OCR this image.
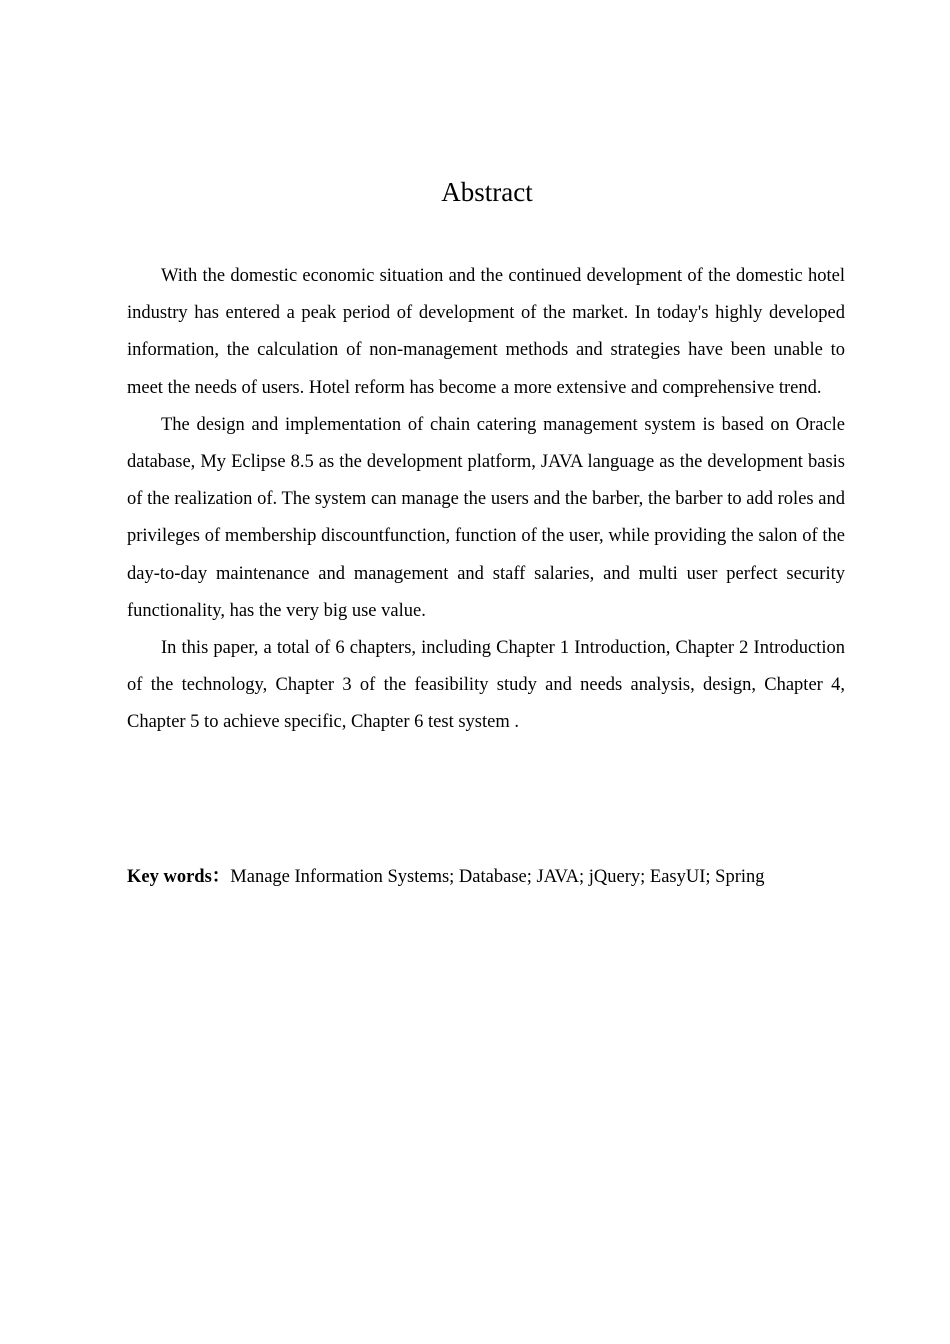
Abstract

With the domestic economic situation and the continued development of the domestic hotel industry has entered a peak period of development of the market. In today's highly developed information, the calculation of non-management methods and strategies have been unable to meet the needs of users. Hotel reform has become a more extensive and comprehensive trend.

The design and implementation of chain catering management system is based on Oracle database, My Eclipse 8.5 as the development platform, JAVA language as the development basis of the realization of. The system can manage the users and the barber, the barber to add roles and privileges of membership discountfunction, function of the user, while providing the salon of the day-to-day maintenance and management and staff salaries, and multi user perfect security functionality, has the very big use value.

In this paper, a total of 6 chapters, including Chapter 1 Introduction, Chapter 2 Introduction of the technology, Chapter 3 of the feasibility study and needs analysis, design, Chapter 4, Chapter 5 to achieve specific, Chapter 6 test system .

Key words：Manage Information Systems; Database; JAVA; jQuery; EasyUI; Spring
